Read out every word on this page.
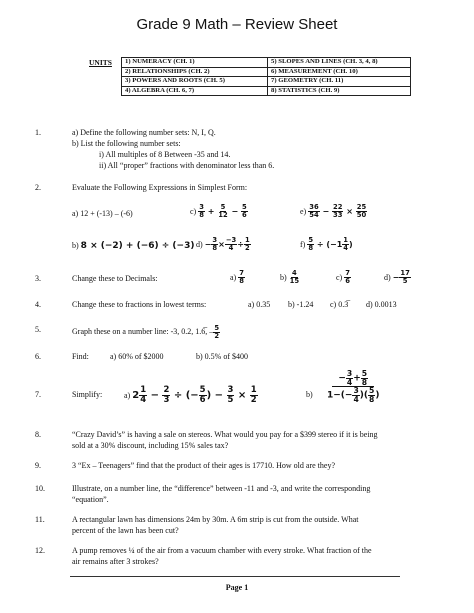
Grade 9 Math – Review Sheet
UNITS 1) NUMERACY (CH. 1)	5) SLOPES AND LINES (CH. 3, 4, 8)
2) RELATIONSHIPS (CH. 2)	6) MEASUREMENT (CH. 10)
3) POWERS AND ROOTS (CH. 5)	7) GEOMETRY (CH. 11)
4) ALGEBRA (CH. 6, 7)	8) STATISTICS (CH. 9)
1.	a) Define the following number sets: N, I, Q.
b) List the following number sets:
i) All multiples of 8 Between -35 and 14.
ii) All “proper” fractions with denominator less than 6.
2.	Evaluate the Following Expressions in Simplest Form:
a) 12 + (-13) – (-6)	$c) \frac{3}{8} + \frac{5}{12} - \frac{5}{6}$	$e) \frac{36}{54} - \frac{22}{33} \times \frac{25}{50}$
b) 8 × (−2) + (−6) ÷ (−3) $d) - \frac{3}{8} \times \frac{-3}{4} \div \frac{1}{2}$	$f) \frac{5}{8} \div (-1 \frac{1}{4}$ )
3.	Change these to Decimals:	$a) \frac{7}{8}$	$b) \frac{4}{15}$	$c) \frac{7}{6}$	$d) - \frac{17}{5}$
4.	Change these to fractions in lowest terms:	a) 0.35 b) -1.24 c) 0.3̅ d) 0.0013
5.	Graph these on a number line: -3, 0.2, 1.6̅, – $\frac{5}{2}$
6.	Find:	a) 60% of $2000	b) 0.5% of $400
7.	Simplify:	a) $2 \frac{1}{4} - \frac{2}{3}$ ÷ (− $\frac{5}{6}$ ) − $\frac{3}{5} \times \frac{1}{2}$	$b) \frac{- \frac{3}{4} + \frac{5}{8}}{1-(- \frac{3}{4} )( \frac{5}{8} )}$
8.	“Crazy David’s” is having a sale on stereos. What would you pay for a $399 stereo if it is being
sold at a 30% discount, including 15% sales tax?
9.	3 “Ex – Teenagers” find that the product of their ages is 17710. How old are they?
10.	Illustrate, on a number line, the “difference” between -11 and -3, and write the corresponding
“equation”.
11.	A rectangular lawn has dimensions 24m by 30m. A 6m strip is cut from the outside. What
percent of the lawn has been cut?
12.	A pump removes ¼ of the air from a vacuum chamber with every stroke. What fraction of the
air remains after 3 strokes?
Page 1
